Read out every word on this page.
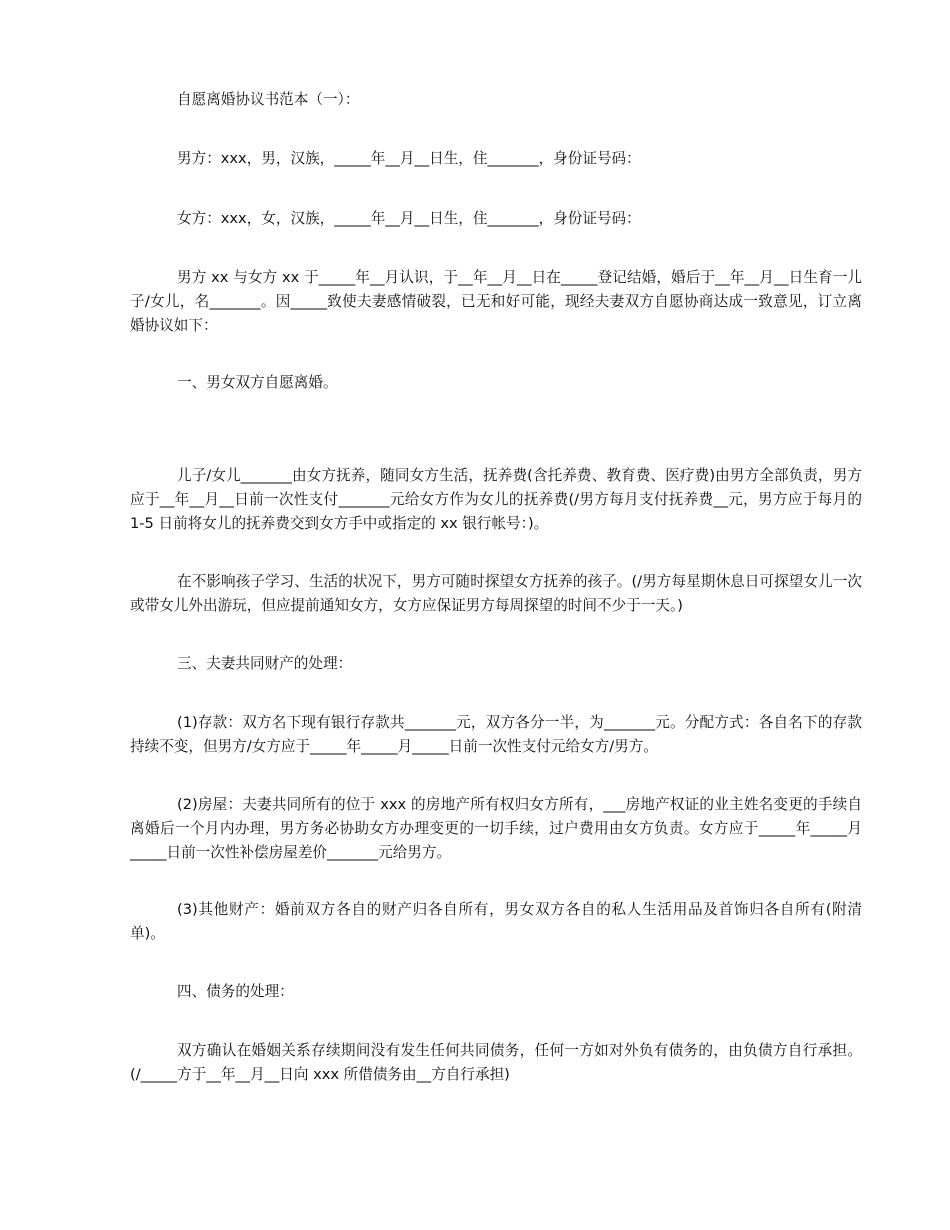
自愿离婚协议书范本（一）：

男方：xxx，男，汉族，_____年__月__日生，住_______，身份证号码：

女方：xxx，女，汉族，_____年__月__日生，住_______，身份证号码：

男方 xx 与女方 xx 于_____年__月认识，于__年__月__日在_____登记结婚，婚后于__年__月__日生育一儿子/女儿，名_______。因_____致使夫妻感情破裂，已无和好可能，现经夫妻双方自愿协商达成一致意见，订立离婚协议如下：

一、男女双方自愿离婚。

儿子/女儿_______由女方抚养，随同女方生活，抚养费(含托养费、教育费、医疗费)由男方全部负责，男方应于__年__月__日前一次性支付_______元给女方作为女儿的抚养费(/男方每月支付抚养费__元，男方应于每月的 1-5 日前将女儿的抚养费交到女方手中或指定的 xx 银行帐号：)。

在不影响孩子学习、生活的状况下，男方可随时探望女方抚养的孩子。(/男方每星期休息日可探望女儿一次或带女儿外出游玩，但应提前通知女方，女方应保证男方每周探望的时间不少于一天。)

三、夫妻共同财产的处理：

(1)存款：双方名下现有银行存款共_______元，双方各分一半，为_______元。分配方式：各自名下的存款持续不变，但男方/女方应于_____年_____月_____日前一次性支付元给女方/男方。

(2)房屋：夫妻共同所有的位于 xxx 的房地产所有权归女方所有，___房地产权证的业主姓名变更的手续自离婚后一个月内办理，男方务必协助女方办理变更的一切手续，过户费用由女方负责。女方应于_____年_____月_____日前一次性补偿房屋差价_______元给男方。

(3)其他财产：婚前双方各自的财产归各自所有，男女双方各自的私人生活用品及首饰归各自所有(附清单)。

四、债务的处理：

双方确认在婚姻关系存续期间没有发生任何共同债务，任何一方如对外负有债务的，由负债方自行承担。(/_____方于__年__月__日向 xxx 所借债务由__方自行承担)
